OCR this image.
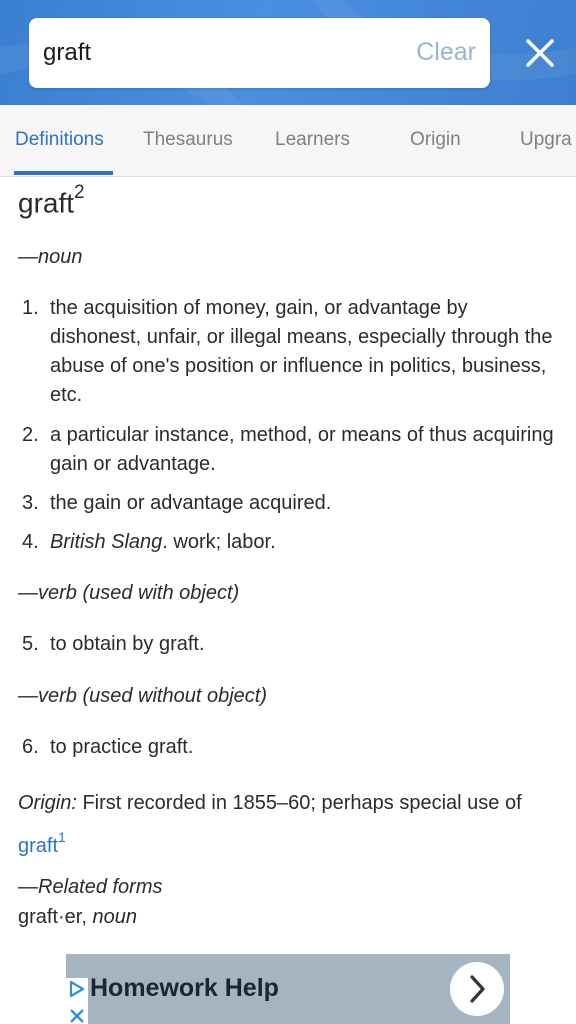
graft
Clear
Definitions Thesaurus Learners	Origin	Upgra
graft$^2$
—noun
1. the acquisition of money, gain, or advantage by dishonest, unfair, or illegal means, especially through the abuse of one's position or influence in politics, business, etc.
2. a particular instance, method, or means of thus acquiring gain or advantage.
3. the gain or advantage acquired.
4. British Slang. work; labor.
—verb (used with object)
5. to obtain by graft.
—verb (used without object)
6. to practice graft.
Origin: First recorded in 1855–60; perhaps special use of graft$^1$
—Related forms
graft·er, noun

Homework Help
